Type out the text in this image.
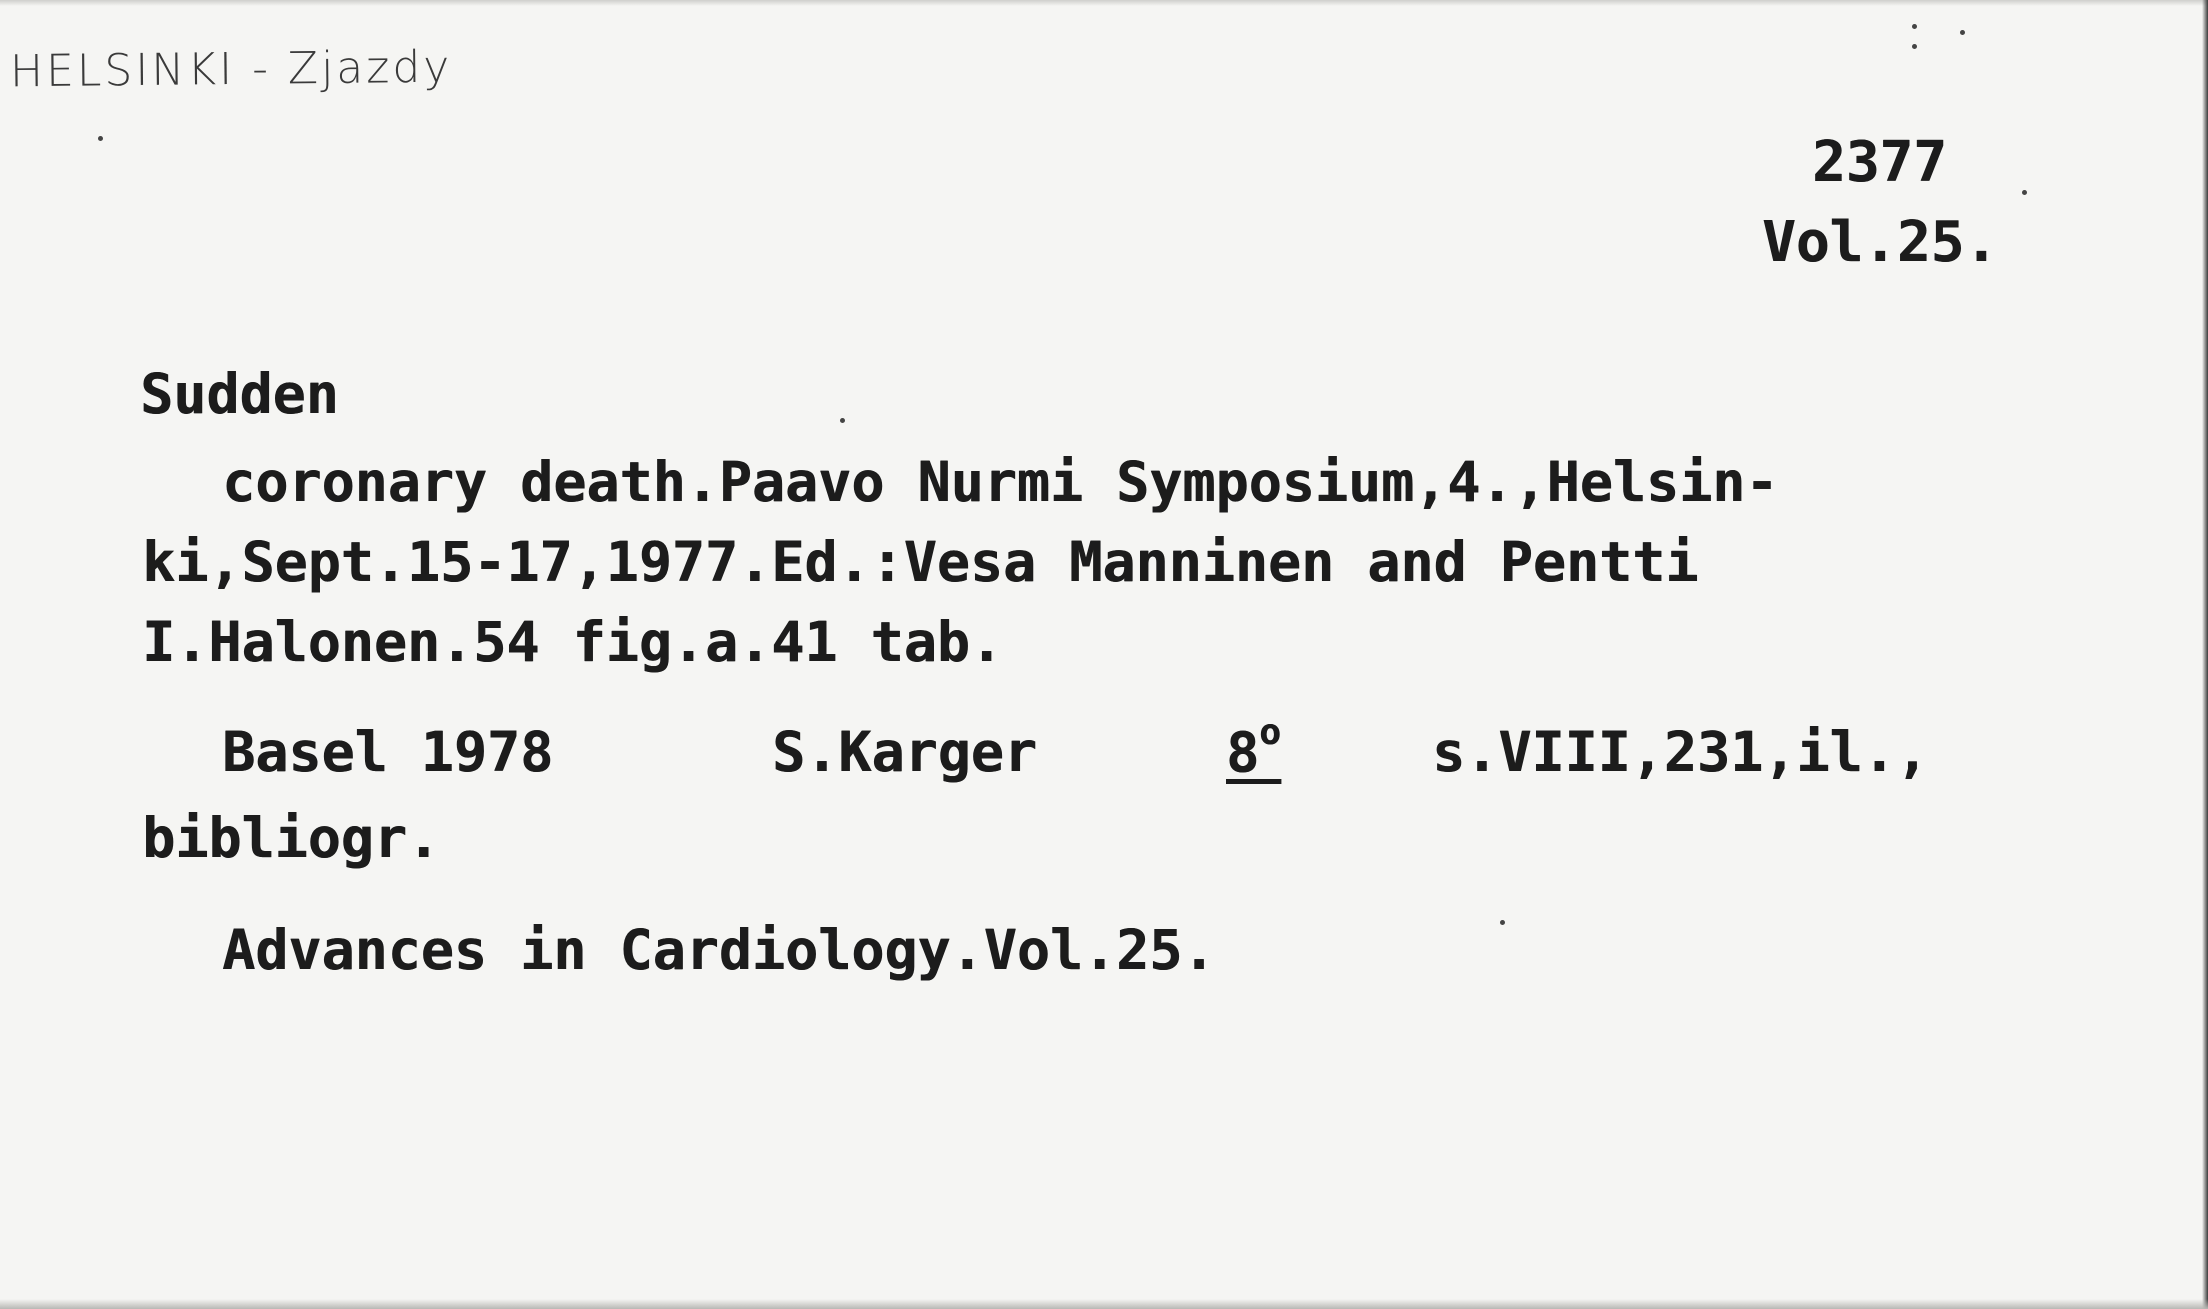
HELSINKI - Zjazdy
2377
Vol.25.
Sudden
coronary death.Paavo Nurmi Symposium,4.,Helsin-
ki,Sept.15-17,1977.Ed.:Vesa Manninen and Pentti
I.Halonen.54 fig.a.41 tab.
Basel 1978	S.Karger	8$^o$	s.VIII,231,il.,
bibliogr.
Advances in Cardiology.Vol.25.
